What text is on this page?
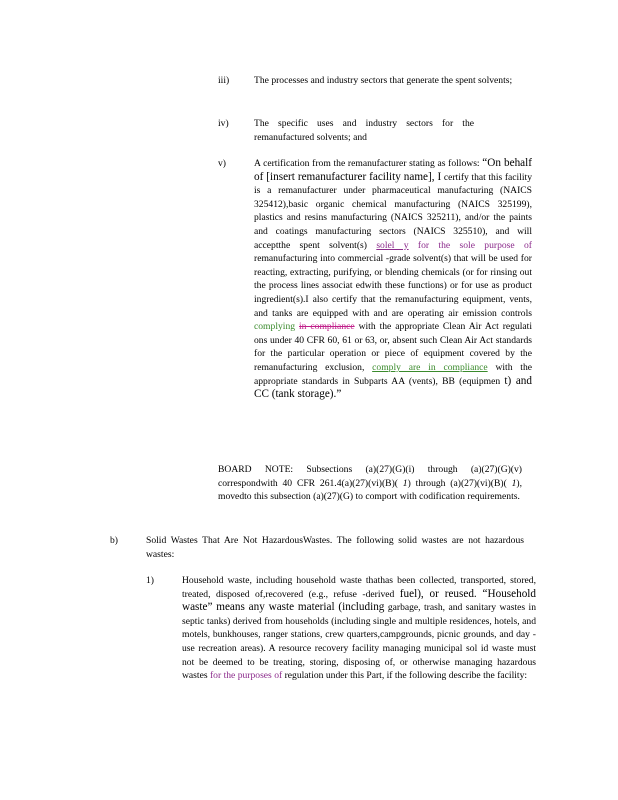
iii)	The processes and industry sectors that generate the spent solvents;
iv)	The specific uses and industry sectors for the remanufactured solvents; and
v)	A certification from the remanufacturer stating as follows: “On behalf of [insert remanufacturer facility name], I certify that this facility is a remanufacturer under pharmaceutical manufacturing (NAICS 325412),basic organic chemical manufacturing (NAICS 325199), plastics and resins manufacturing (NAICS 325211), and/or the paints and coatings manufacturing sectors (NAICS 325510), and will acceptthe spent solvent(s) solel y for the sole purpose of remanufacturing into commercial -grade solvent(s) that will be used for reacting, extracting, purifying, or blending chemicals (or for rinsing out the process lines associat edwith these functions) or for use as product ingredient(s).I also certify that the remanufacturing equipment, vents, and tanks are equipped with and are operating air emission controls complying in compliance with the appropriate Clean Air Act regulati ons under 40 CFR 60, 61 or 63, or, absent such Clean Air Act standards for the particular operation or piece of equipment covered by the remanufacturing exclusion, comply are in compliance with the appropriate standards in Subparts AA (vents), BB (equipmen t) and CC (tank storage).”
BOARD NOTE: Subsections (a)(27)(G)(i) through (a)(27)(G)(v) correspondwith 40 CFR 261.4(a)(27)(vi)(B)( 1) through (a)(27)(vi)(B)( 1), movedto this subsection (a)(27)(G) to comport with codification requirements.
b)	Solid Wastes That Are Not HazardousWastes. The following solid wastes are not hazardous wastes:
1)	Household waste, including household waste thathas been collected, transported, stored, treated, disposed of,recovered (e.g., refuse -derived fuel), or reused. “Household waste” means any waste material (including garbage, trash, and sanitary wastes in septic tanks) derived from households (including single and multiple residences, hotels, and motels, bunkhouses, ranger stations, crew quarters,campgrounds, picnic grounds, and day -use recreation areas). A resource recovery facility managing municipal sol id waste must not be deemed to be treating, storing, disposing of, or otherwise managing hazardous wastes for the purposes of regulation under this Part, if the following describe the facility:
